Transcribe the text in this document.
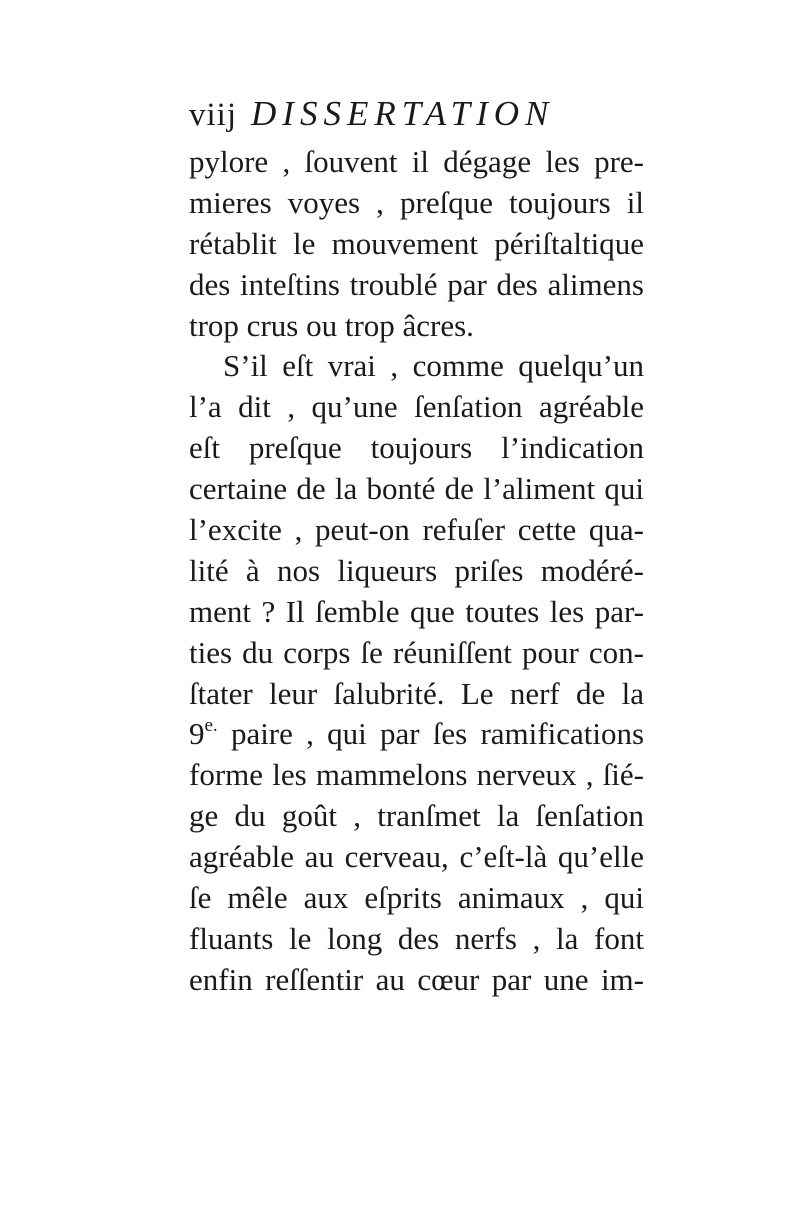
viij DISSERTATION
pylore , ſouvent il dégage les pre-
mieres voyes , preſque toujours il
rétablit le mouvement périſtaltique
des inteſtins troublé par des alimens
trop crus ou trop âcres.
S’il eſt vrai , comme quelqu’un
l’a dit , qu’une ſenſation agréable
eſt preſque toujours l’indication
certaine de la bonté de l’aliment qui
l’excite , peut-on refuſer cette qua-
lité à nos liqueurs priſes modéré-
ment ? Il ſemble que toutes les par-
ties du corps ſe réuniſſent pour con-
ſtater leur ſalubrité. Le nerf de la
$9^{e.}$ paire , qui par ſes ramifications
forme les mammelons nerveux , ſié-
ge du goût , tranſmet la ſenſation
agréable au cerveau, c’eſt-là qu’elle
ſe mêle aux eſprits animaux , qui
fluants le long des nerfs , la font
enfin reſſentir au cœur par une im-
